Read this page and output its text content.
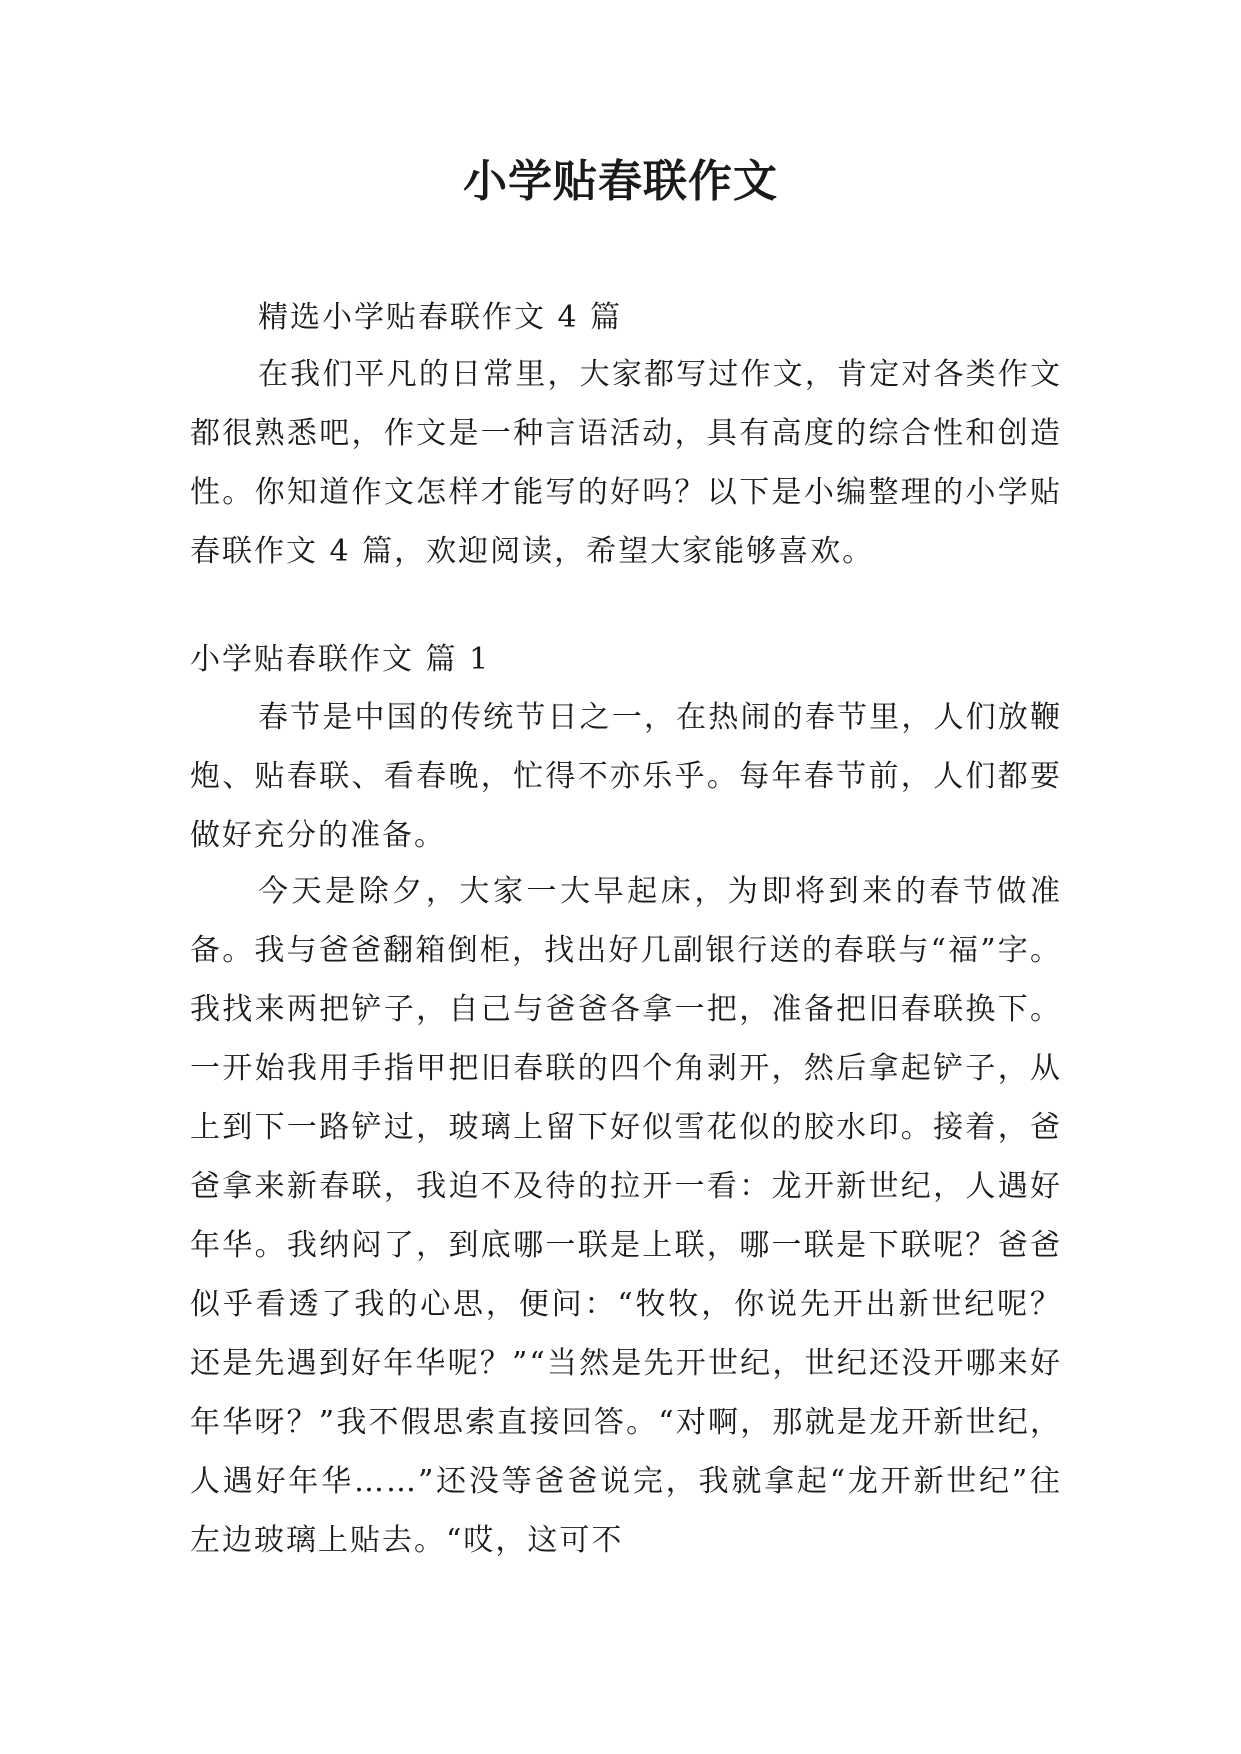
小学贴春联作文

精选小学贴春联作文 4 篇

在我们平凡的日常里，大家都写过作文，肯定对各类作文都很熟悉吧，作文是一种言语活动，具有高度的综合性和创造性。你知道作文怎样才能写的好吗？以下是小编整理的小学贴春联作文 4 篇，欢迎阅读，希望大家能够喜欢。

小学贴春联作文 篇 1

春节是中国的传统节日之一，在热闹的春节里，人们放鞭炮、贴春联、看春晚，忙得不亦乐乎。每年春节前，人们都要做好充分的准备。

今天是除夕，大家一大早起床，为即将到来的春节做准备。我与爸爸翻箱倒柜，找出好几副银行送的春联与“福”字。我找来两把铲子，自己与爸爸各拿一把，准备把旧春联换下。一开始我用手指甲把旧春联的四个角剥开，然后拿起铲子，从上到下一路铲过，玻璃上留下好似雪花似的胶水印。接着，爸爸拿来新春联，我迫不及待的拉开一看：龙开新世纪，人遇好年华。我纳闷了，到底哪一联是上联，哪一联是下联呢？爸爸似乎看透了我的心思，便问：“牧牧，你说先开出新世纪呢？还是先遇到好年华呢？”“当然是先开世纪，世纪还没开哪来好年华呀？”我不假思索直接回答。“对啊，那就是龙开新世纪，人遇好年华……”还没等爸爸说完，我就拿起“龙开新世纪”往左边玻璃上贴去。“哎，这可不
